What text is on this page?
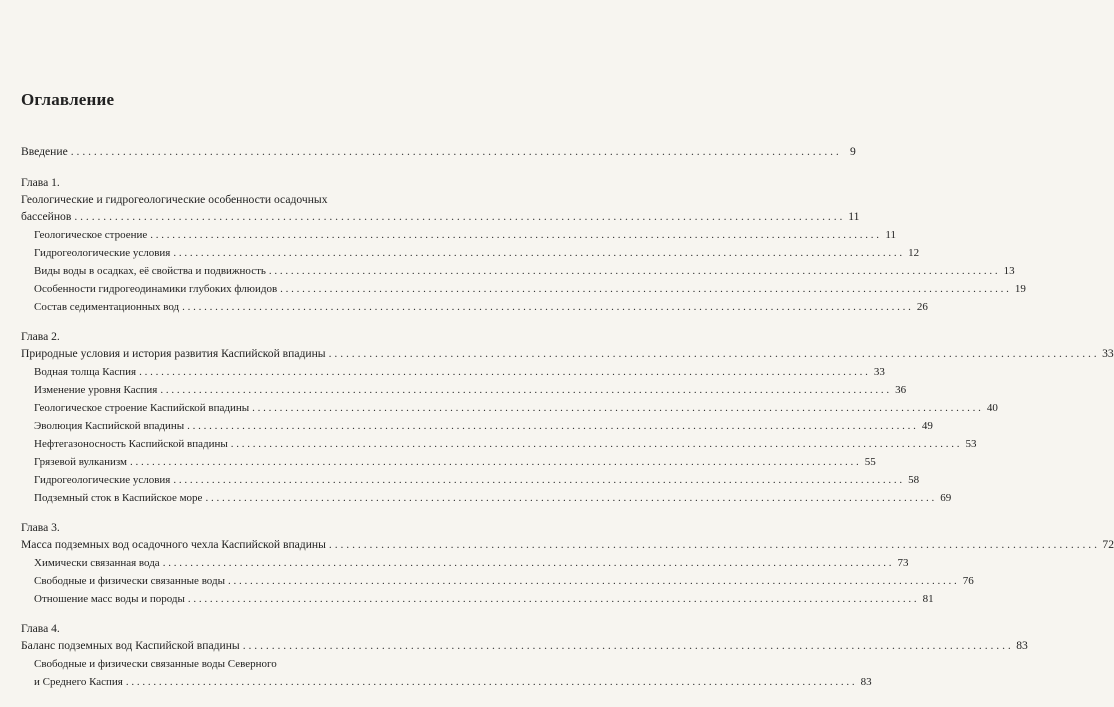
Оглавление
Введение . . .	9
Глава 1.
Геологические и гидрогеологические особенности осадочных
бассейнов . . .	11
Геологическое строение . . .	11
Гидрогеологические условия . . .	12
Виды воды в осадках, её свойства и подвижность . . .	13
Особенности гидрогеодинамики глубоких флюидов . . .	19
Состав седиментационных вод . . .	26
Глава 2.
Природные условия и история развития Каспийской впадины . . .	33
Водная толща Каспия . . .	33
Изменение уровня Каспия . . .	36
Геологическое строение Каспийской впадины . . .	40
Эволюция Каспийской впадины . . .	49
Нефтегазоносность Каспийской впадины . . .	53
Грязевой вулканизм . . .	55
Гидрогеологические условия . . .	58
Подземный сток в Каспийское море . . .	69
Глава 3.
Масса подземных вод осадочного чехла Каспийской впадины . . .	72
Химически связанная вода . . .	73
Свободные и физически связанные воды . . .	76
Отношение масс воды и породы . . .	81
Глава 4.
Баланс подземных вод Каспийской впадины . . .	83
Свободные и физически связанные воды Северного
и Среднего Каспия . . .	83
